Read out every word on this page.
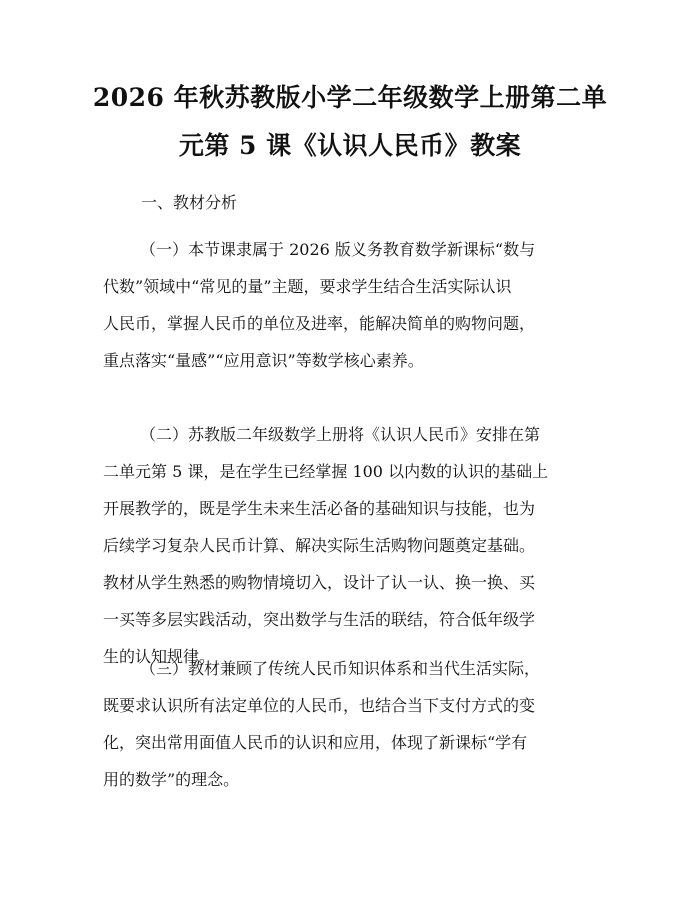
2026 年秋苏教版小学二年级数学上册第二单
元第 5 课《认识人民币》教案
一、教材分析
（一）本节课隶属于 2026 版义务教育数学新课标“数与
代数”领域中“常见的量”主题，要求学生结合生活实际认识
人民币，掌握人民币的单位及进率，能解决简单的购物问题，
重点落实“量感”“应用意识”等数学核心素养。
（二）苏教版二年级数学上册将《认识人民币》安排在第
二单元第 5 课，是在学生已经掌握 100 以内数的认识的基础上
开展教学的，既是学生未来生活必备的基础知识与技能，也为
后续学习复杂人民币计算、解决实际生活购物问题奠定基础。
教材从学生熟悉的购物情境切入，设计了认一认、换一换、买
一买等多层实践活动，突出数学与生活的联结，符合低年级学
生的认知规律。
（三）教材兼顾了传统人民币知识体系和当代生活实际，
既要求认识所有法定单位的人民币，也结合当下支付方式的变
化，突出常用面值人民币的认识和应用，体现了新课标“学有
用的数学”的理念。
